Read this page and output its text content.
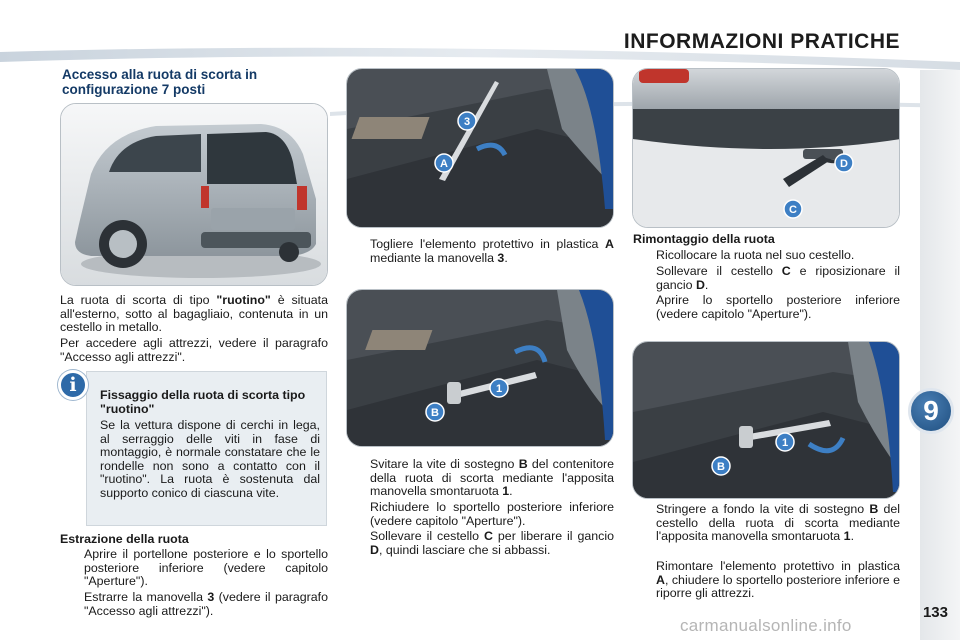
INFORMAZIONI PRATICHE
9
Accesso alla ruota di scorta in configurazione 7 posti

La ruota di scorta di tipo "ruotino" è situata all'esterno, sotto al bagagliaio, contenuta in un cestello in metallo.

Per accedere agli attrezzi, vedere il paragrafo "Accesso agli attrezzi".

i	Fissaggio della ruota di scorta tipo "ruotino"

Se la vettura dispone di cerchi in lega, al serraggio delle viti in fase di montaggio, è normale constatare che le rondelle non sono a contatto con il "ruotino". La ruota è sostenuta dal supporto conico di ciascuna vite.

Estrazione della ruota

Aprire il portellone posteriore e lo sportello posteriore inferiore (vedere capitolo "Aperture").

Estrarre la manovella 3 (vedere il paragrafo "Accesso agli attrezzi").

3
A

Togliere l'elemento protettivo in plastica A mediante la manovella 3.

1
B

Svitare la vite di sostegno B del contenitore della ruota di scorta mediante l'apposita manovella smontaruota 1.

Richiudere lo sportello posteriore inferiore (vedere capitolo "Aperture").

Sollevare il cestello C per liberare il gancio D, quindi lasciare che si abbassi.

D
C
Rimontaggio della ruota

Ricollocare la ruota nel suo cestello.

Sollevare il cestello C e riposizionare il gancio D.

Aprire lo sportello posteriore inferiore (vedere capitolo "Aperture").

1
B

Stringere a fondo la vite di sostegno B del cestello della ruota di scorta mediante l'apposita manovella smontaruota 1.

Rimontare l'elemento protettivo in plastica A, chiudere lo sportello posteriore inferiore e riporre gli attrezzi.

133
carmanualsonline.info
